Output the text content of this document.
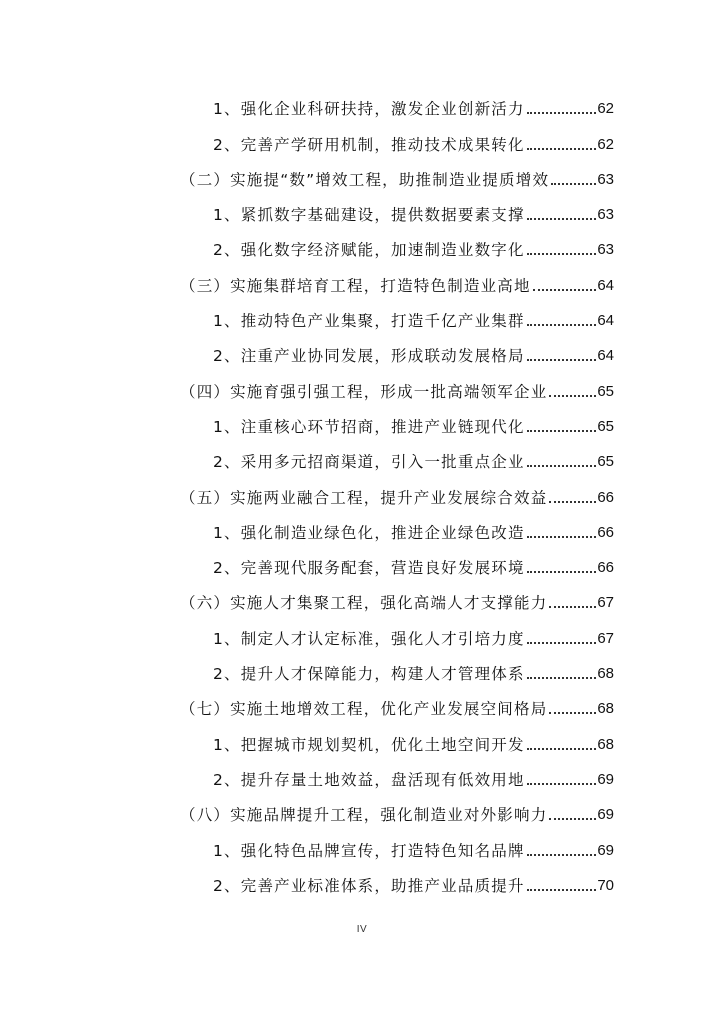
1、强化企业科研扶持，激发企业创新活力	62
2、完善产学研用机制，推动技术成果转化	62
（二）实施提“数”增效工程，助推制造业提质增效	63
1、紧抓数字基础建设，提供数据要素支撑	63
2、强化数字经济赋能，加速制造业数字化	63
（三）实施集群培育工程，打造特色制造业高地	64
1、推动特色产业集聚，打造千亿产业集群	64
2、注重产业协同发展，形成联动发展格局	64
（四）实施育强引强工程，形成一批高端领军企业	65
1、注重核心环节招商，推进产业链现代化	65
2、采用多元招商渠道，引入一批重点企业	65
（五）实施两业融合工程，提升产业发展综合效益	66
1、强化制造业绿色化，推进企业绿色改造	66
2、完善现代服务配套，营造良好发展环境	66
（六）实施人才集聚工程，强化高端人才支撑能力	67
1、制定人才认定标准，强化人才引培力度	67
2、提升人才保障能力，构建人才管理体系	68
（七）实施土地增效工程，优化产业发展空间格局	68
1、把握城市规划契机，优化土地空间开发	68
2、提升存量土地效益，盘活现有低效用地	69
（八）实施品牌提升工程，强化制造业对外影响力	69
1、强化特色品牌宣传，打造特色知名品牌	69
2、完善产业标准体系，助推产业品质提升	70
IV
